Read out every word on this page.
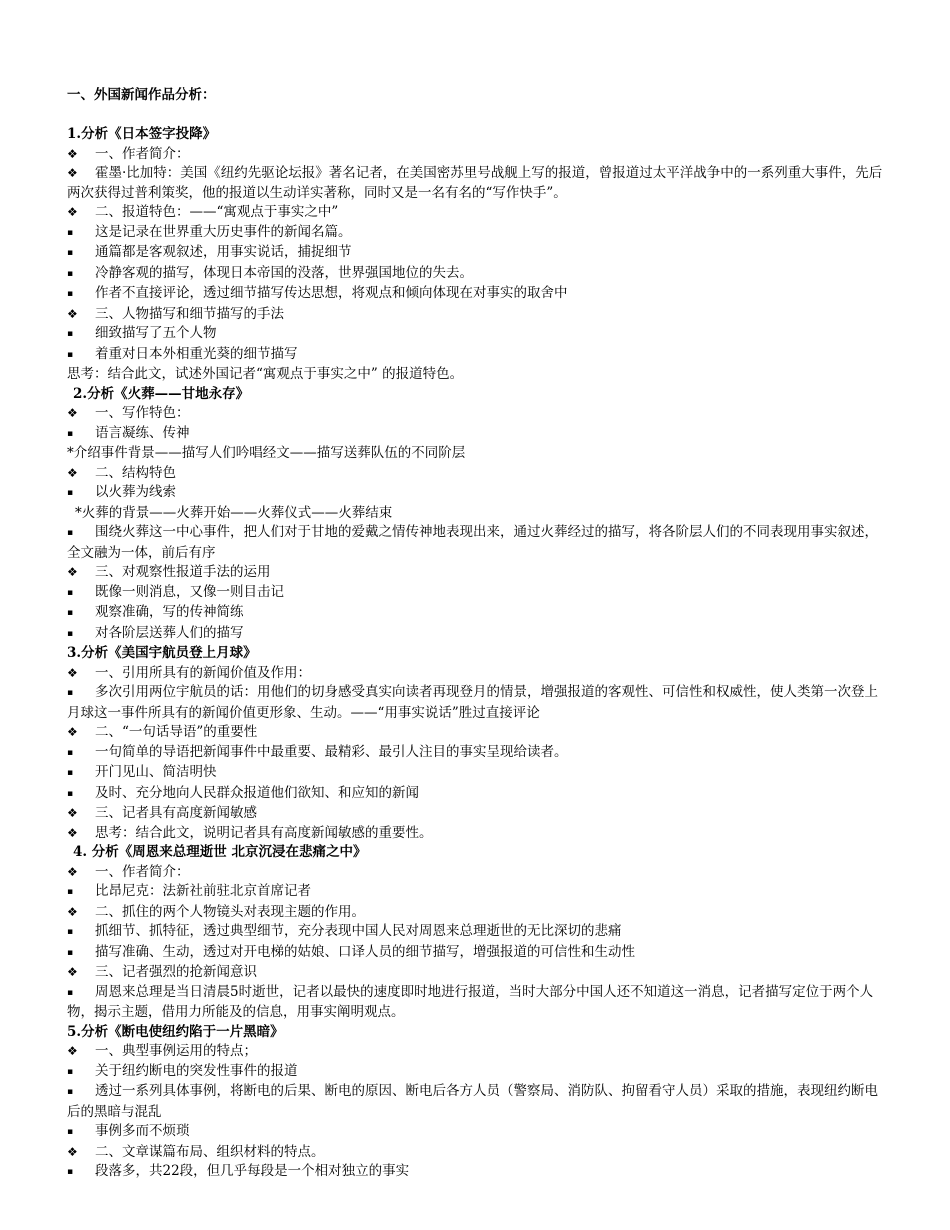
一、外国新闻作品分析：
1.分析《日本签字投降》
❖ 一、作者简介：
❖ 霍墨·比加特：美国《纽约先驱论坛报》著名记者，在美国密苏里号战舰上写的报道，曾报道过太平洋战争中的一系列重大事件，先后两次获得过普利策奖，他的报道以生动详实著称，同时又是一名有名的“写作快手”。
❖ 二、报道特色：——“寓观点于事实之中”
▪ 这是记录在世界重大历史事件的新闻名篇。
▪ 通篇都是客观叙述，用事实说话，捕捉细节
▪ 冷静客观的描写，体现日本帝国的没落，世界强国地位的失去。
▪ 作者不直接评论，透过细节描写传达思想，将观点和倾向体现在对事实的取舍中
❖ 三、人物描写和细节描写的手法
▪ 细致描写了五个人物
▪ 着重对日本外相重光葵的细节描写
思考：结合此文，试述外国记者“寓观点于事实之中” 的报道特色。
2.分析《火葬——甘地永存》
❖ 一、写作特色：
▪ 语言凝练、传神
*介绍事件背景——描写人们吟唱经文——描写送葬队伍的不同阶层
❖ 二、结构特色
▪ 以火葬为线索
*火葬的背景——火葬开始——火葬仪式——火葬结束
▪ 围绕火葬这一中心事件，把人们对于甘地的爱戴之情传神地表现出来，通过火葬经过的描写，将各阶层人们的不同表现用事实叙述，全文融为一体，前后有序
❖ 三、对观察性报道手法的运用
▪ 既像一则消息，又像一则目击记
▪ 观察准确，写的传神简练
▪ 对各阶层送葬人们的描写
3.分析《美国宇航员登上月球》
❖ 一、引用所具有的新闻价值及作用：
▪ 多次引用两位宇航员的话：用他们的切身感受真实向读者再现登月的情景，增强报道的客观性、可信性和权威性，使人类第一次登上月球这一事件所具有的新闻价值更形象、生动。——“用事实说话”胜过直接评论
❖ 二、“一句话导语”的重要性
▪ 一句简单的导语把新闻事件中最重要、最精彩、最引人注目的事实呈现给读者。
▪ 开门见山、简洁明快
▪ 及时、充分地向人民群众报道他们欲知、和应知的新闻
❖ 三、记者具有高度新闻敏感
❖ 思考：结合此文，说明记者具有高度新闻敏感的重要性。
4. 分析《周恩来总理逝世 北京沉浸在悲痛之中》
❖ 一、作者简介：
▪ 比昂尼克：法新社前驻北京首席记者
❖ 二、抓住的两个人物镜头对表现主题的作用。
▪ 抓细节、抓特征，透过典型细节，充分表现中国人民对周恩来总理逝世的无比深切的悲痛
▪ 描写准确、生动，透过对开电梯的姑娘、口译人员的细节描写，增强报道的可信性和生动性
❖ 三、记者强烈的抢新闻意识
▪ 周恩来总理是当日清晨5时逝世，记者以最快的速度即时地进行报道，当时大部分中国人还不知道这一消息，记者描写定位于两个人物，揭示主题，借用力所能及的信息，用事实阐明观点。
5.分析《断电使纽约陷于一片黑暗》
❖ 一、典型事例运用的特点；
▪ 关于纽约断电的突发性事件的报道
▪ 透过一系列具体事例，将断电的后果、断电的原因、断电后各方人员（警察局、消防队、拘留看守人员）采取的措施，表现纽约断电后的黑暗与混乱
▪ 事例多而不烦琐
❖ 二、文章谋篇布局、组织材料的特点。
▪ 段落多，共22段，但几乎每段是一个相对独立的事实
